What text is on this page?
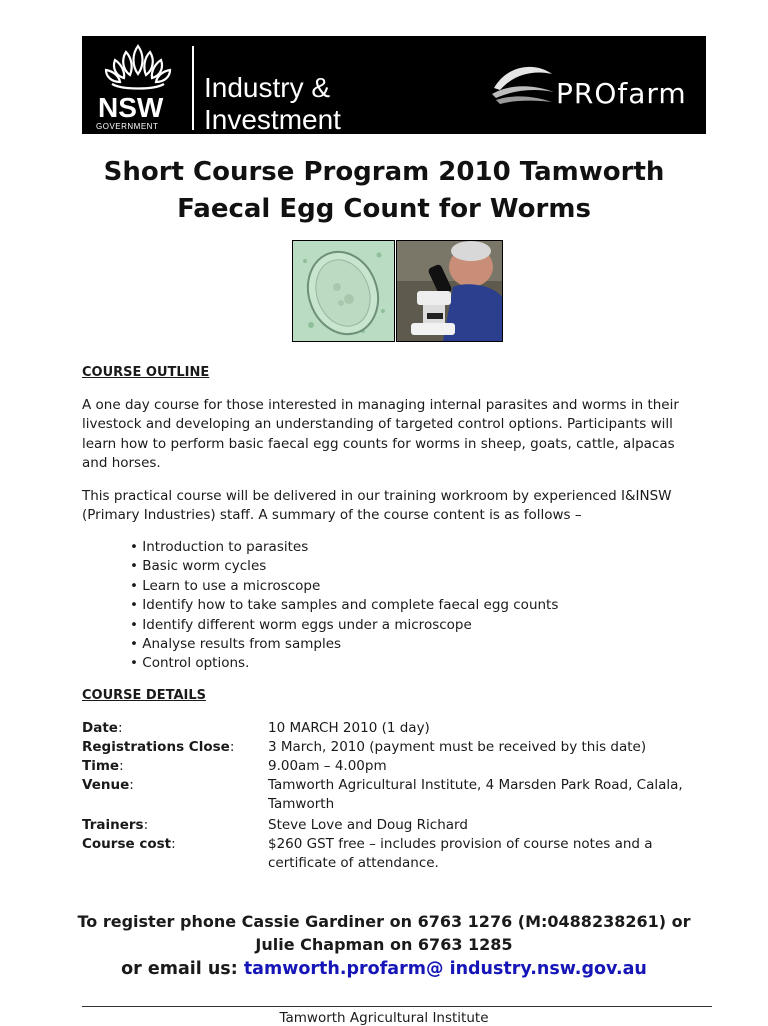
NSW
GOVERNMENT
Industry &
Investment
PROfarm
Short Course Program 2010 Tamworth
Faecal Egg Count for Worms
COURSE OUTLINE

A one day course for those interested in managing internal parasites and worms in their livestock and developing an understanding of targeted control options. Participants will learn how to perform basic faecal egg counts for worms in sheep, goats, cattle, alpacas and horses.

This practical course will be delivered in our training workroom by experienced I&INSW (Primary Industries) staff. A summary of the course content is as follows –

• Introduction to parasites
• Basic worm cycles
• Learn to use a microscope
• Identify how to take samples and complete faecal egg counts
• Identify different worm eggs under a microscope
• Analyse results from samples
• Control options.
COURSE DETAILS
Date:	10 MARCH 2010 (1 day)
Registrations Close: 3 March, 2010 (payment must be received by this date)
Time:	9.00am – 4.00pm
Venue:	Tamworth Agricultural Institute, 4 Marsden Park Road, Calala, Tamworth
Trainers:	Steve Love and Doug Richard
Course cost:	$260 GST free – includes provision of course notes and a certificate of attendance.
To register phone Cassie Gardiner on 6763 1276 (M:0488238261) or
Julie Chapman on 6763 1285
or email us: tamworth.profarm@ industry.nsw.gov.au
Tamworth Agricultural Institute
